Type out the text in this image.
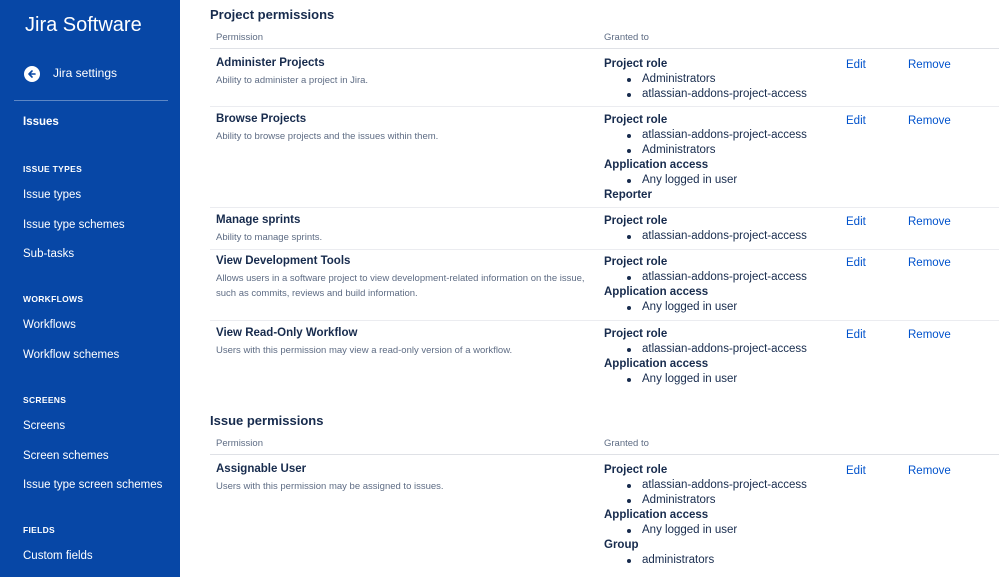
Jira Software
Jira settings
Issues
ISSUE TYPES
Issue types
Issue type schemes
Sub-tasks
WORKFLOWS
Workflows
Workflow schemes
SCREENS
Screens
Screen schemes
Issue type screen schemes
FIELDS
Custom fields
Project permissions
Permission	Granted to
Administer Projects
Ability to administer a project in Jira.
Project role
Administrators
atlassian-addons-project-access
Edit	Remove
Browse Projects
Ability to browse projects and the issues within them.
Project role
atlassian-addons-project-access
Administrators
Application access
Any logged in user
Reporter
Edit	Remove
Manage sprints
Ability to manage sprints.
Project role
atlassian-addons-project-access
Edit	Remove
View Development Tools
Allows users in a software project to view development-related information on the issue, such as commits, reviews and build information.
Project role
atlassian-addons-project-access
Application access
Any logged in user
Edit	Remove
View Read-Only Workflow
Users with this permission may view a read-only version of a workflow.
Project role
atlassian-addons-project-access
Application access
Any logged in user
Edit	Remove
Issue permissions
Permission	Granted to
Assignable User
Users with this permission may be assigned to issues.
Project role
atlassian-addons-project-access
Administrators
Application access
Any logged in user
Group
administrators
Edit	Remove
